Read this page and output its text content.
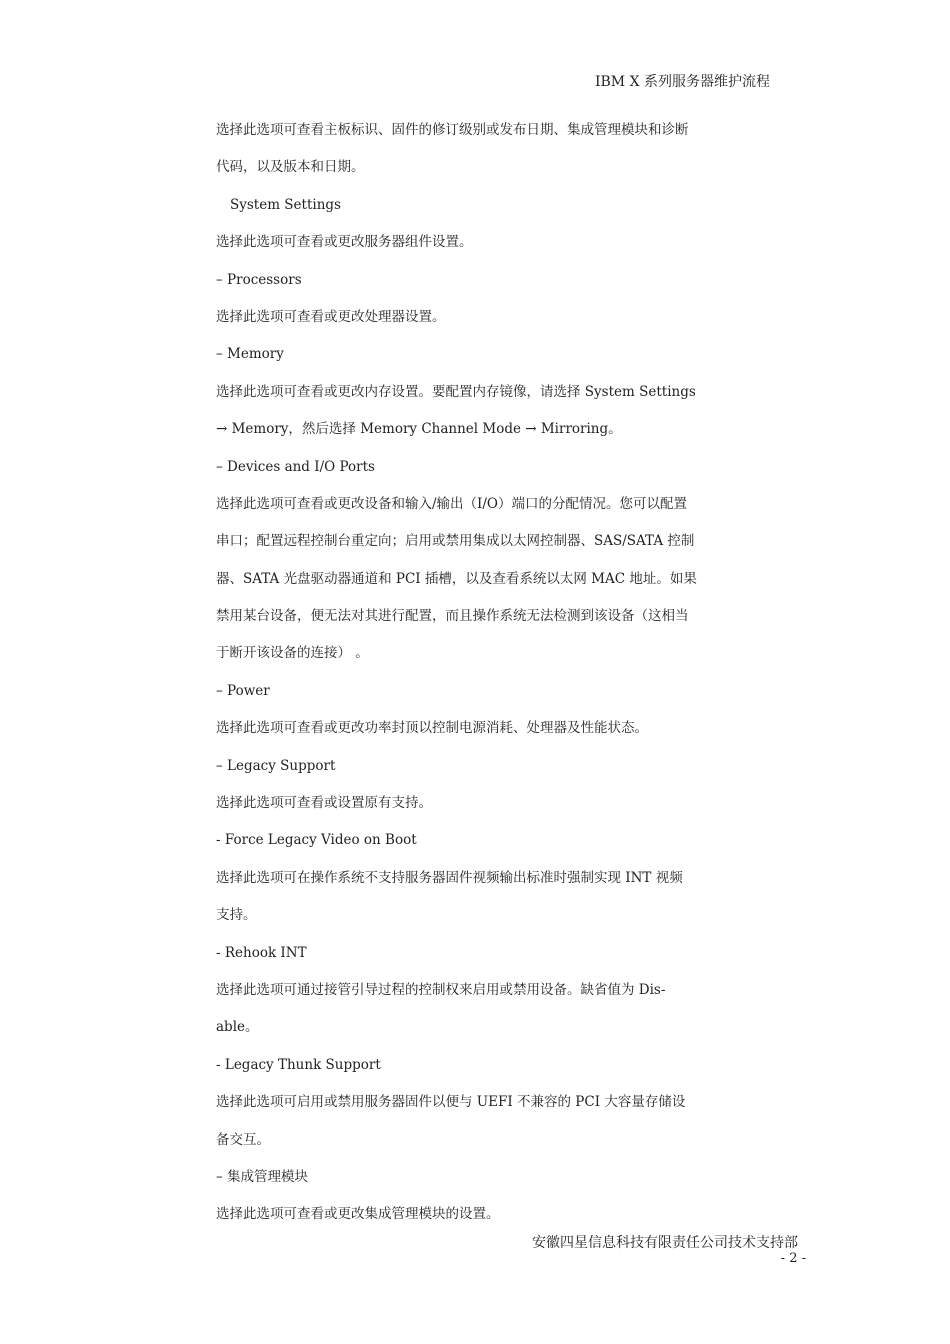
IBM X 系列服务器维护流程
选择此选项可查看主板标识、固件的修订级别或发布日期、集成管理模块和诊断
代码，以及版本和日期。
System Settings
选择此选项可查看或更改服务器组件设置。
– Processors
选择此选项可查看或更改处理器设置。
– Memory
选择此选项可查看或更改内存设置。要配置内存镜像，请选择 System Settings
→ Memory，然后选择 Memory Channel Mode → Mirroring。
– Devices and I/O Ports
选择此选项可查看或更改设备和输入/输出（I/O）端口的分配情况。您可以配置
串口；配置远程控制台重定向；启用或禁用集成以太网控制器、SAS/SATA 控制
器、SATA 光盘驱动器通道和 PCI 插槽，以及查看系统以太网 MAC 地址。如果
禁用某台设备，便无法对其进行配置，而且操作系统无法检测到该设备（这相当
于断开该设备的连接） 。
– Power
选择此选项可查看或更改功率封顶以控制电源消耗、处理器及性能状态。
– Legacy Support
选择此选项可查看或设置原有支持。
- Force Legacy Video on Boot
选择此选项可在操作系统不支持服务器固件视频输出标准时强制实现 INT 视频
支持。
- Rehook INT
选择此选项可通过接管引导过程的控制权来启用或禁用设备。缺省值为 Dis-
able。
- Legacy Thunk Support
选择此选项可启用或禁用服务器固件以便与 UEFI 不兼容的 PCI 大容量存储设
备交互。
– 集成管理模块
选择此选项可查看或更改集成管理模块的设置。
安徽四星信息科技有限责任公司技术支持部
- 2 -
